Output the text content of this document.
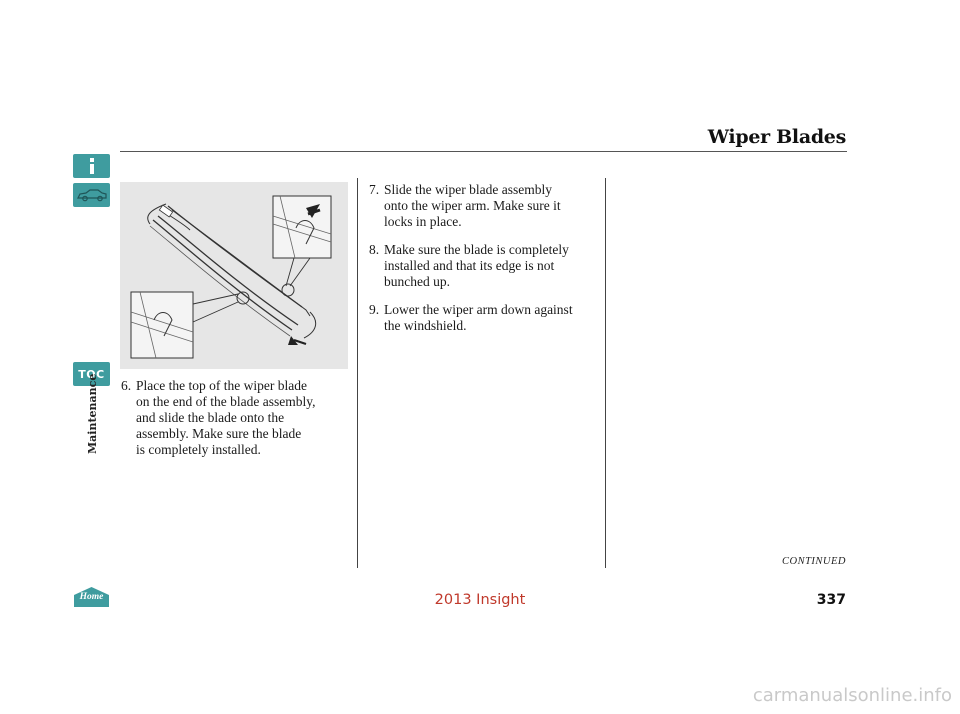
Wiper Blades
TOC
Maintenance
Home
6. Place the top of the wiper blade
on the end of the blade assembly,
and slide the blade onto the
assembly. Make sure the blade
is completely installed.
7. Slide the wiper blade assembly
onto the wiper arm. Make sure it
locks in place.
8. Make sure the blade is completely
installed and that its edge is not
bunched up.
9. Lower the wiper arm down against
the windshield.
CONTINUED
337
2013 Insight
carmanualsonline.info
